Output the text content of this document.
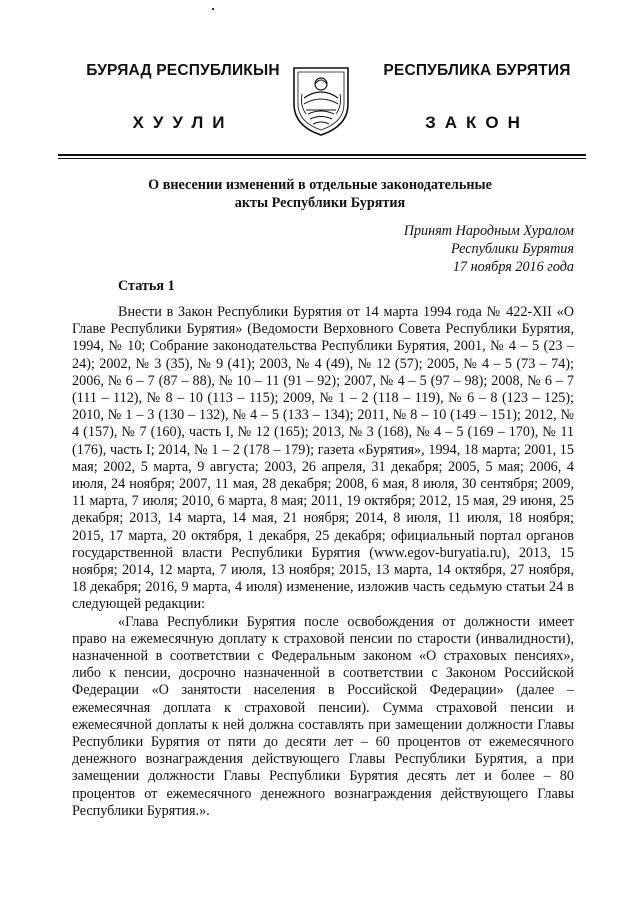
БУРЯАД РЕСПУБЛИКЫН
ХУУЛИ
РЕСПУБЛИКА БУРЯТИЯ
ЗАКОН
О внесении изменений в отдельные законодательные
акты Республики Бурятия
Принят Народным Хуралом
Республики Бурятия
17 ноября 2016 года
Статья 1

Внести в Закон Республики Бурятия от 14 марта 1994 года № 422-XII «О Главе Республики Бурятия» (Ведомости Верховного Совета Республики Бурятия, 1994, № 10; Собрание законодательства Республики Бурятия, 2001, № 4 – 5 (23 – 24); 2002, № 3 (35), № 9 (41); 2003, № 4 (49), № 12 (57); 2005, № 4 – 5 (73 – 74); 2006, № 6 – 7 (87 – 88), № 10 – 11 (91 – 92); 2007, № 4 – 5 (97 – 98); 2008, № 6 – 7 (111 – 112), № 8 – 10 (113 – 115); 2009, № 1 – 2 (118 – 119), № 6 – 8 (123 – 125); 2010, № 1 – 3 (130 – 132), № 4 – 5 (133 – 134); 2011, № 8 – 10 (149 – 151); 2012, № 4 (157), № 7 (160), часть I, № 12 (165); 2013, № 3 (168), № 4 – 5 (169 – 170), № 11 (176), часть I; 2014, № 1 – 2 (178 – 179); газета «Бурятия», 1994, 18 марта; 2001, 15 мая; 2002, 5 марта, 9 августа; 2003, 26 апреля, 31 декабря; 2005, 5 мая; 2006, 4 июля, 24 ноября; 2007, 11 мая, 28 декабря; 2008, 6 мая, 8 июля, 30 сентября; 2009, 11 марта, 7 июля; 2010, 6 марта, 8 мая; 2011, 19 октября; 2012, 15 мая, 29 июня, 25 декабря; 2013, 14 марта, 14 мая, 21 ноября; 2014, 8 июля, 11 июля, 18 ноября; 2015, 17 марта, 20 октября, 1 декабря, 25 декабря; официальный портал органов государственной власти Республики Бурятия (www.egov-buryatia.ru), 2013, 15 ноября; 2014, 12 марта, 7 июля, 13 ноября; 2015, 13 марта, 14 октября, 27 ноября, 18 декабря; 2016, 9 марта, 4 июля) изменение, изложив часть седьмую статьи 24 в следующей редакции:

«Глава Республики Бурятия после освобождения от должности имеет право на ежемесячную доплату к страховой пенсии по старости (инвалидности), назначенной в соответствии с Федеральным законом «О страховых пенсиях», либо к пенсии, досрочно назначенной в соответствии с Законом Российской Федерации «О занятости населения в Российской Федерации» (далее – ежемесячная доплата к страховой пенсии). Сумма страховой пенсии и ежемесячной доплаты к ней должна составлять при замещении должности Главы Республики Бурятия от пяти до десяти лет – 60 процентов от ежемесячного денежного вознаграждения действующего Главы Республики Бурятия, а при замещении должности Главы Республики Бурятия десять лет и более – 80 процентов от ежемесячного денежного вознаграждения действующего Главы Республики Бурятия.».
